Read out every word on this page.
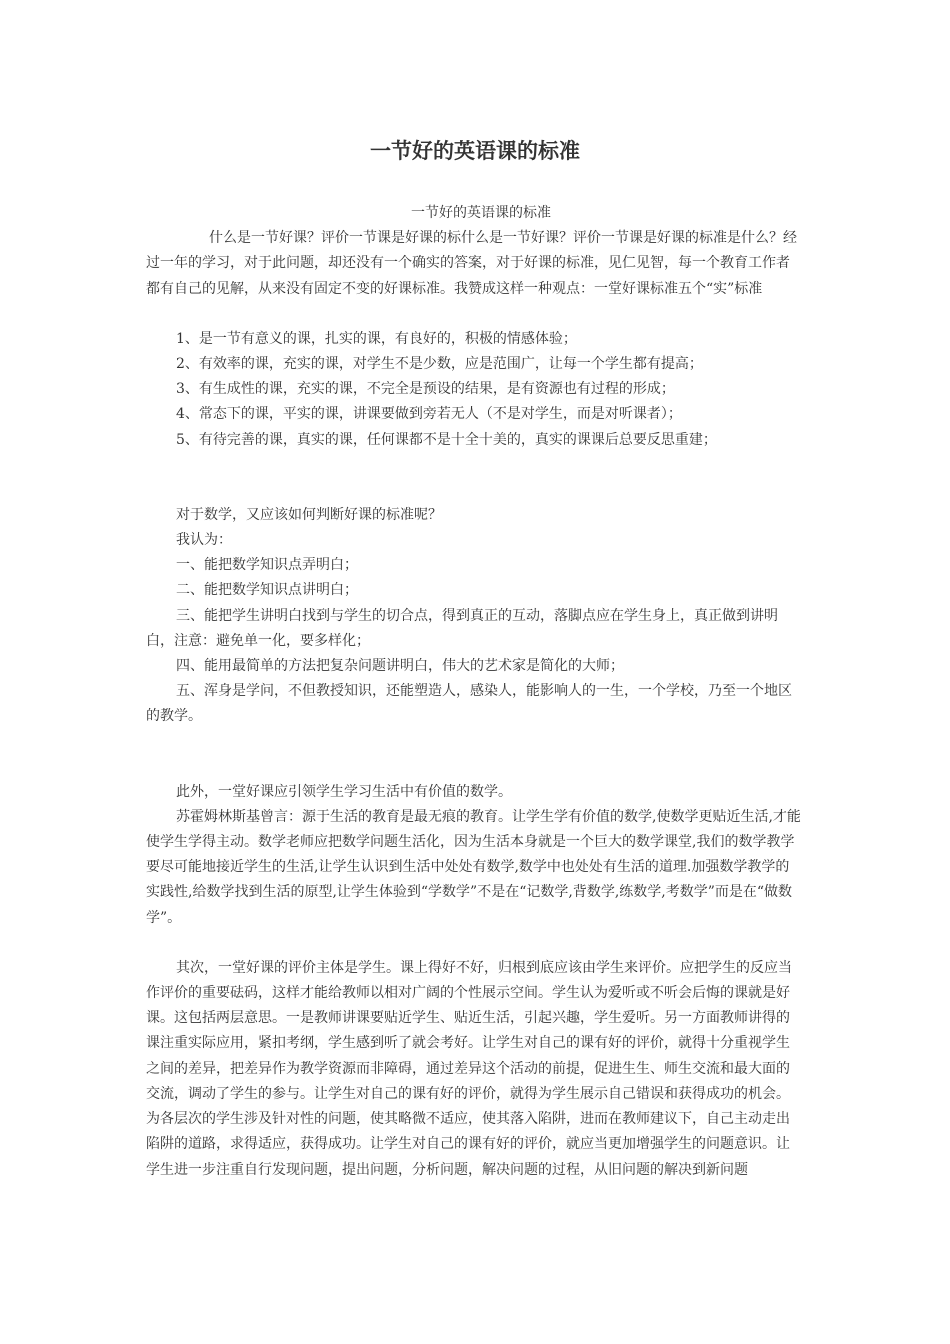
一节好的英语课的标准

一节好的英语课的标准

什么是一节好课？评价一节课是好课的标什么是一节好课？评价一节课是好课的标准是什么？经过一年的学习，对于此问题，却还没有一个确实的答案，对于好课的标准，见仁见智，每一个教育工作者都有自己的见解，从来没有固定不变的好课标准。我赞成这样一种观点：一堂好课标准五个“实”标准

1、是一节有意义的课，扎实的课，有良好的，积极的情感体验；

2、有效率的课，充实的课，对学生不是少数，应是范围广，让每一个学生都有提高；

3、有生成性的课，充实的课，不完全是预设的结果，是有资源也有过程的形成；

4、常态下的课，平实的课，讲课要做到旁若无人（不是对学生，而是对听课者）；

5、有待完善的课，真实的课，任何课都不是十全十美的，真实的课课后总要反思重建；

对于数学，又应该如何判断好课的标准呢？

我认为：

一、能把数学知识点弄明白；

二、能把数学知识点讲明白；

三、能把学生讲明白找到与学生的切合点，得到真正的互动，落脚点应在学生身上，真正做到讲明白，注意：避免单一化，要多样化；

四、能用最简单的方法把复杂问题讲明白，伟大的艺术家是简化的大师；

五、浑身是学问，不但教授知识，还能塑造人，感染人，能影响人的一生，一个学校，乃至一个地区的教学。

此外，一堂好课应引领学生学习生活中有价值的数学。

苏霍姆林斯基曾言：源于生活的教育是最无痕的教育。让学生学有价值的数学,使数学更贴近生活,才能使学生学得主动。数学老师应把数学问题生活化，因为生活本身就是一个巨大的数学课堂,我们的数学教学要尽可能地接近学生的生活,让学生认识到生活中处处有数学,数学中也处处有生活的道理.加强数学教学的实践性,给数学找到生活的原型,让学生体验到“学数学”不是在“记数学,背数学,练数学,考数学”而是在“做数学”。

其次，一堂好课的评价主体是学生。课上得好不好，归根到底应该由学生来评价。应把学生的反应当作评价的重要砝码，这样才能给教师以相对广阔的个性展示空间。学生认为爱听或不听会后悔的课就是好课。这包括两层意思。一是教师讲课要贴近学生、贴近生活，引起兴趣，学生爱听。另一方面教师讲得的课注重实际应用，紧扣考纲，学生感到听了就会考好。让学生对自己的课有好的评价，就得十分重视学生之间的差异，把差异作为教学资源而非障碍，通过差异这个活动的前提，促进生生、师生交流和最大面的交流，调动了学生的参与。让学生对自己的课有好的评价，就得为学生展示自己错误和获得成功的机会。为各层次的学生涉及针对性的问题，使其略微不适应，使其落入陷阱，进而在教师建议下，自己主动走出陷阱的道路，求得适应，获得成功。让学生对自己的课有好的评价，就应当更加增强学生的问题意识。让学生进一步注重自行发现问题，提出问题，分析问题，解决问题的过程，从旧问题的解决到新问题
